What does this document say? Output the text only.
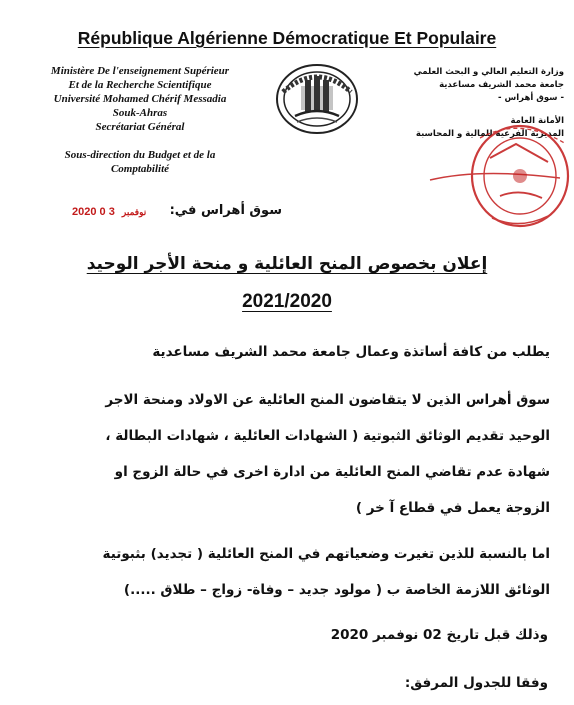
République Algérienne Démocratique Et Populaire
Ministère De l'enseignement Supérieur
Et de la Recherche Scientifique
Université Mohamed Chérif Messadia
Souk-Ahras
Secrétariat Général
Sous-direction du Budget et de la
Comptabilité
وزارة التعليم العالي و البحث العلمي
جامعة محمد الشريف مساعدية
- سوق أهراس -
الأمانة العامة
المديرية الفرعية للمالية و المحاسبة
2020	نوفمبر 3 0	سوق أهراس في:
إعلان بخصوص المنح العائلية و منحة الأجر الوحيد
2021/2020
يطلب من كافة أساتذة وعمال جامعة محمد الشريف مساعدية
سوق أهراس الذين لا يتقاضون المنح العائلية عن الاولاد ومنحة الاجر
الوحيد تقديم الوثائق الثبوتية ( الشهادات العائلية ، شهادات البطالة ،
شهادة عدم تقاضي المنح العائلية من ادارة اخرى في حالة الزوج او
الزوجة يعمل في قطاع آ خر )
اما بالنسبة للذين تغيرت وضعياتهم في المنح العائلية ( تجديد) بثبوتية
الوثائق اللازمة الخاصة ب ( مولود جديد – وفاة- زواج – طلاق .....)
وذلك قبل تاريخ 02 نوفمبر 2020
وفقا للجدول المرفق:
